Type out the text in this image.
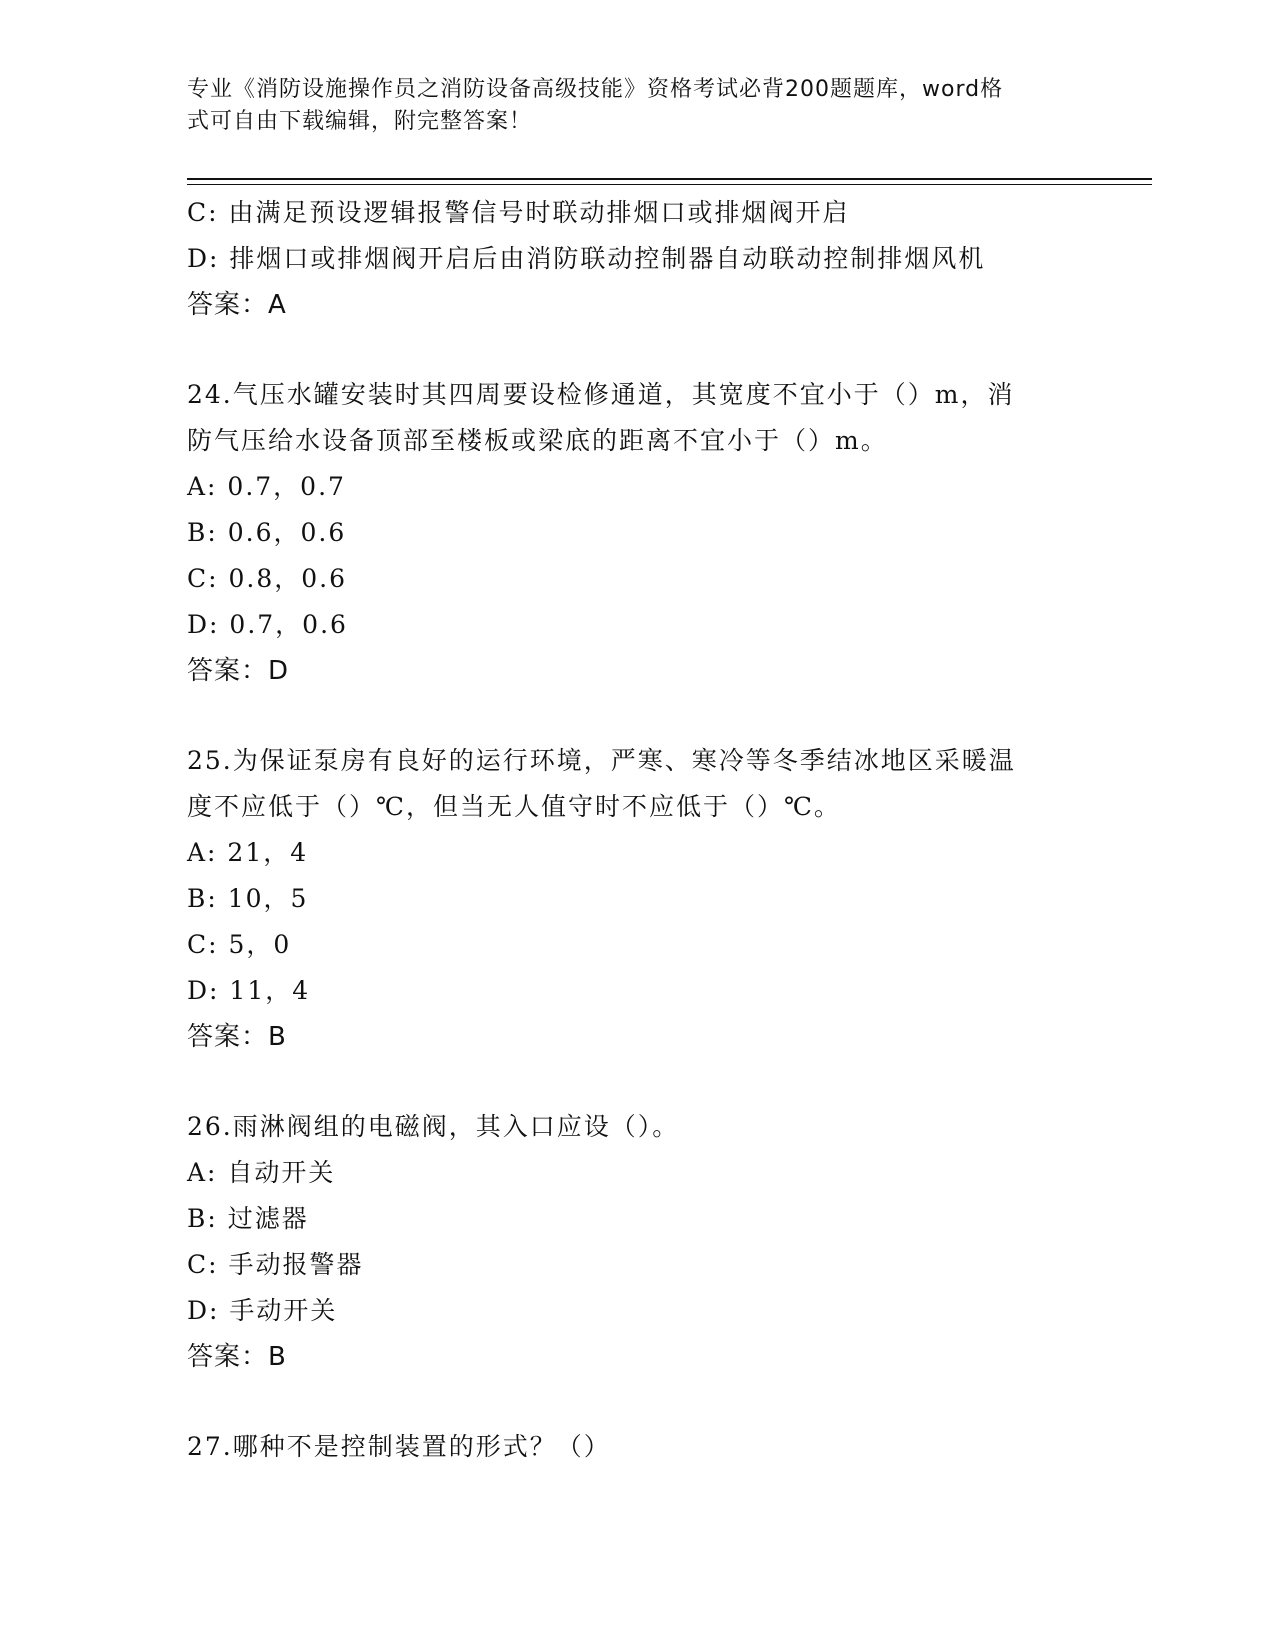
专业《消防设施操作员之消防设备高级技能》资格考试必背200题题库，word格
式可自由下载编辑，附完整答案！
C: 由满足预设逻辑报警信号时联动排烟口或排烟阀开启
D: 排烟口或排烟阀开启后由消防联动控制器自动联动控制排烟风机
答案：A
24.气压水罐安装时其四周要设检修通道，其宽度不宜小于（）m，消
防气压给水设备顶部至楼板或梁底的距离不宜小于（）m。
A: 0.7，0.7
B: 0.6，0.6
C: 0.8，0.6
D: 0.7，0.6
答案：D
25.为保证泵房有良好的运行环境，严寒、寒冷等冬季结冰地区采暖温
度不应低于（）℃，但当无人值守时不应低于（）℃。
A: 21，4
B: 10，5
C: 5，0
D: 11，4
答案：B
26.雨淋阀组的电磁阀，其入口应设（）。
A: 自动开关
B: 过滤器
C: 手动报警器
D: 手动开关
答案：B
27.哪种不是控制装置的形式？（）
